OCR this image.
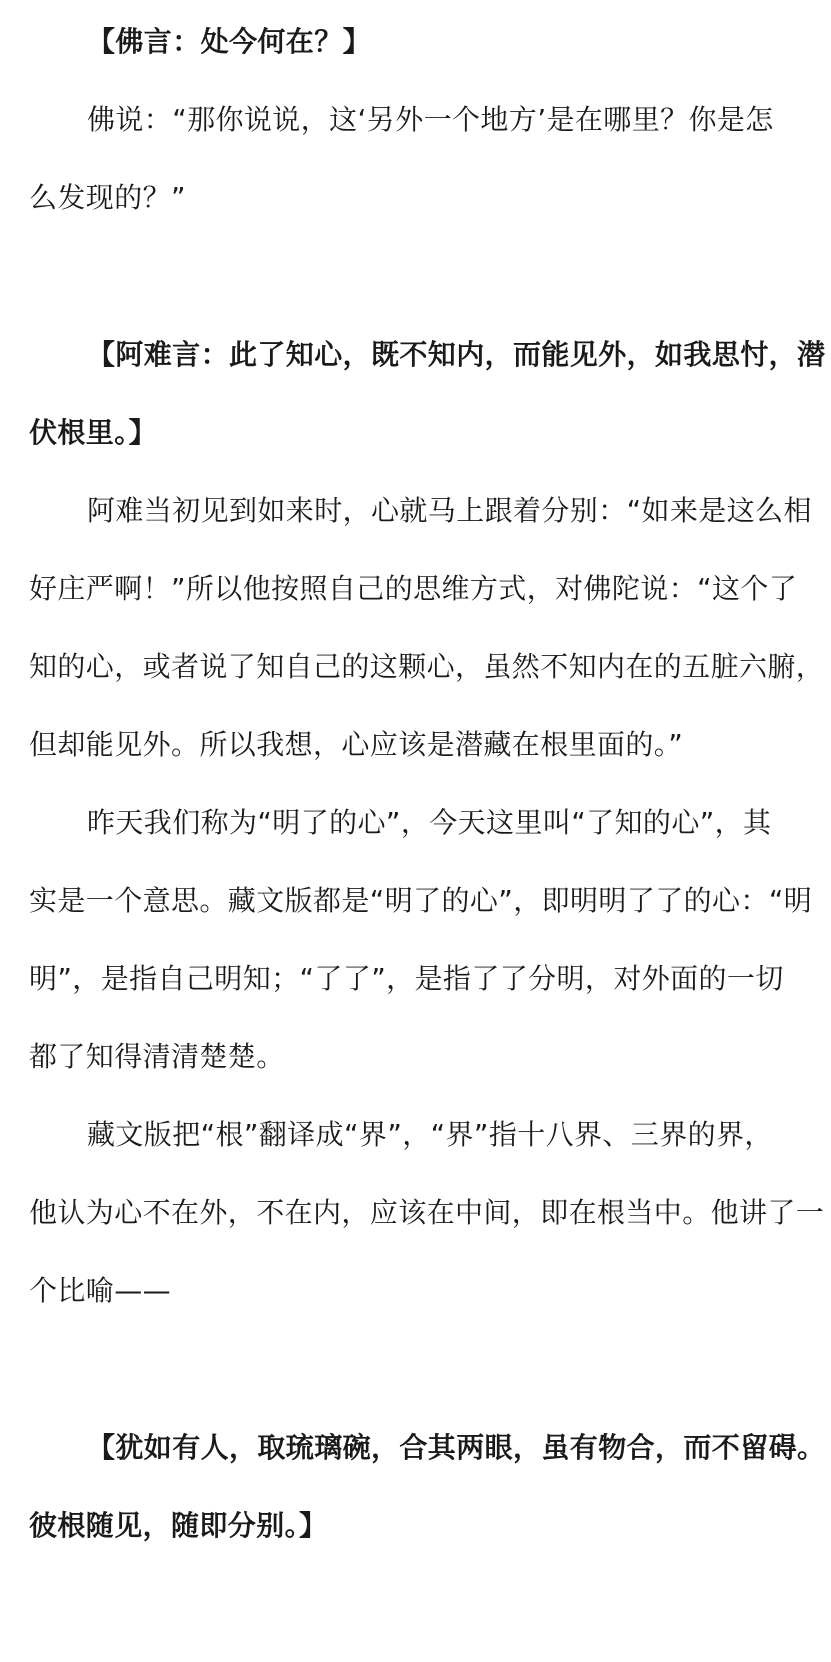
【佛言：处今何在？】
佛说：“那你说说，这‘另外一个地方’是在哪里？你是怎
么发现的？”
【阿难言：此了知心，既不知内，而能见外，如我思忖，潜
伏根里。】
阿难当初见到如来时，心就马上跟着分别：“如来是这么相
好庄严啊！”所以他按照自己的思维方式，对佛陀说：“这个了
知的心，或者说了知自己的这颗心，虽然不知内在的五脏六腑，
但却能见外。所以我想，心应该是潜藏在根里面的。”
昨天我们称为“明了的心”，今天这里叫“了知的心”，其
实是一个意思。藏文版都是“明了的心”，即明明了了的心：“明
明”，是指自己明知；“了了”，是指了了分明，对外面的一切
都了知得清清楚楚。
藏文版把“根”翻译成“界”，“界”指十八界、三界的界，
他认为心不在外，不在内，应该在中间，即在根当中。他讲了一
个比喻——
【犹如有人，取琉璃碗，合其两眼，虽有物合，而不留碍。
彼根随见，随即分别。】
